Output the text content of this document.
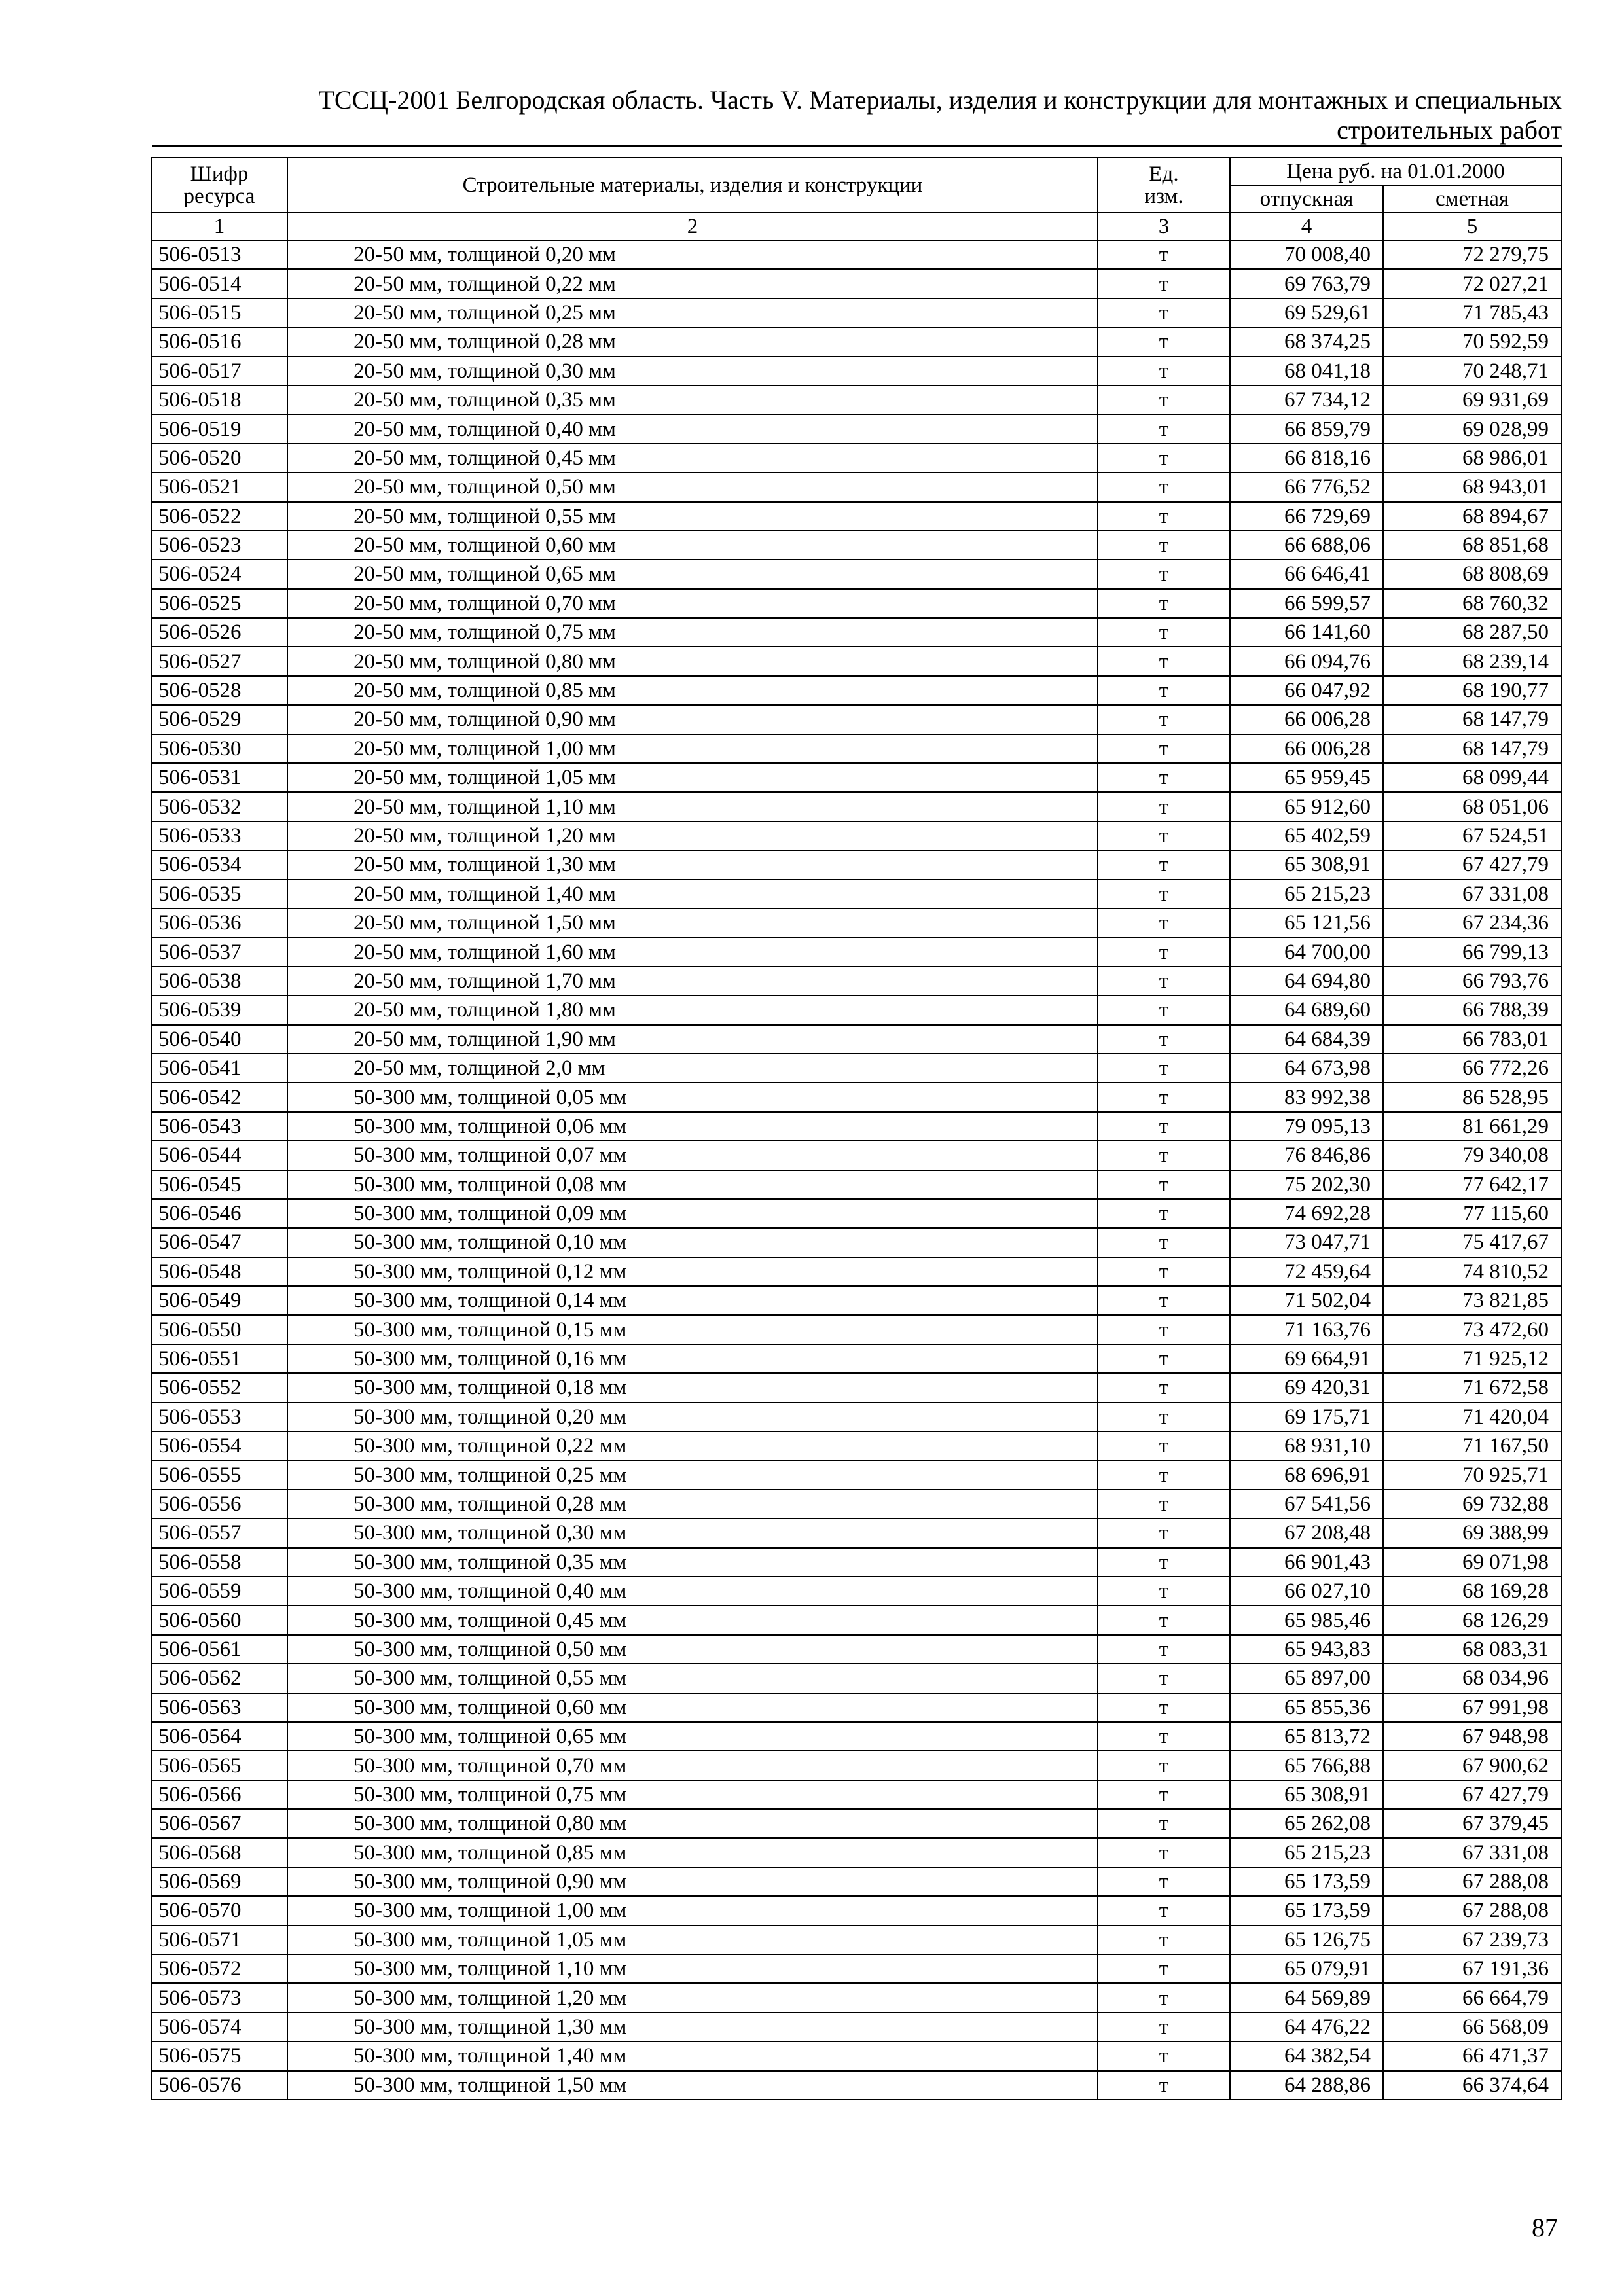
ТССЦ-2001 Белгородская область. Часть V. Материалы, изделия и конструкции для монтажных и специальных
строительных работ
Шифр ресурса	Строительные материалы, изделия и конструкции	Ед. изм.	Цена руб. на 01.01.2000	
			отпускная	сметная
1	2	3	4	5
506-0513	20-50 мм, толщиной 0,20 мм	т	70 008,40	72 279,75
506-0514	20-50 мм, толщиной 0,22 мм	т	69 763,79	72 027,21
506-0515	20-50 мм, толщиной 0,25 мм	т	69 529,61	71 785,43
506-0516	20-50 мм, толщиной 0,28 мм	т	68 374,25	70 592,59
506-0517	20-50 мм, толщиной 0,30 мм	т	68 041,18	70 248,71
506-0518	20-50 мм, толщиной 0,35 мм	т	67 734,12	69 931,69
506-0519	20-50 мм, толщиной 0,40 мм	т	66 859,79	69 028,99
506-0520	20-50 мм, толщиной 0,45 мм	т	66 818,16	68 986,01
506-0521	20-50 мм, толщиной 0,50 мм	т	66 776,52	68 943,01
506-0522	20-50 мм, толщиной 0,55 мм	т	66 729,69	68 894,67
506-0523	20-50 мм, толщиной 0,60 мм	т	66 688,06	68 851,68
506-0524	20-50 мм, толщиной 0,65 мм	т	66 646,41	68 808,69
506-0525	20-50 мм, толщиной 0,70 мм	т	66 599,57	68 760,32
506-0526	20-50 мм, толщиной 0,75 мм	т	66 141,60	68 287,50
506-0527	20-50 мм, толщиной 0,80 мм	т	66 094,76	68 239,14
506-0528	20-50 мм, толщиной 0,85 мм	т	66 047,92	68 190,77
506-0529	20-50 мм, толщиной 0,90 мм	т	66 006,28	68 147,79
506-0530	20-50 мм, толщиной 1,00 мм	т	66 006,28	68 147,79
506-0531	20-50 мм, толщиной 1,05 мм	т	65 959,45	68 099,44
506-0532	20-50 мм, толщиной 1,10 мм	т	65 912,60	68 051,06
506-0533	20-50 мм, толщиной 1,20 мм	т	65 402,59	67 524,51
506-0534	20-50 мм, толщиной 1,30 мм	т	65 308,91	67 427,79
506-0535	20-50 мм, толщиной 1,40 мм	т	65 215,23	67 331,08
506-0536	20-50 мм, толщиной 1,50 мм	т	65 121,56	67 234,36
506-0537	20-50 мм, толщиной 1,60 мм	т	64 700,00	66 799,13
506-0538	20-50 мм, толщиной 1,70 мм	т	64 694,80	66 793,76
506-0539	20-50 мм, толщиной 1,80 мм	т	64 689,60	66 788,39
506-0540	20-50 мм, толщиной 1,90 мм	т	64 684,39	66 783,01
506-0541	20-50 мм, толщиной 2,0 мм	т	64 673,98	66 772,26
506-0542	50-300 мм, толщиной 0,05 мм	т	83 992,38	86 528,95
506-0543	50-300 мм, толщиной 0,06 мм	т	79 095,13	81 661,29
506-0544	50-300 мм, толщиной 0,07 мм	т	76 846,86	79 340,08
506-0545	50-300 мм, толщиной 0,08 мм	т	75 202,30	77 642,17
506-0546	50-300 мм, толщиной 0,09 мм	т	74 692,28	77 115,60
506-0547	50-300 мм, толщиной 0,10 мм	т	73 047,71	75 417,67
506-0548	50-300 мм, толщиной 0,12 мм	т	72 459,64	74 810,52
506-0549	50-300 мм, толщиной 0,14 мм	т	71 502,04	73 821,85
506-0550	50-300 мм, толщиной 0,15 мм	т	71 163,76	73 472,60
506-0551	50-300 мм, толщиной 0,16 мм	т	69 664,91	71 925,12
506-0552	50-300 мм, толщиной 0,18 мм	т	69 420,31	71 672,58
506-0553	50-300 мм, толщиной 0,20 мм	т	69 175,71	71 420,04
506-0554	50-300 мм, толщиной 0,22 мм	т	68 931,10	71 167,50
506-0555	50-300 мм, толщиной 0,25 мм	т	68 696,91	70 925,71
506-0556	50-300 мм, толщиной 0,28 мм	т	67 541,56	69 732,88
506-0557	50-300 мм, толщиной 0,30 мм	т	67 208,48	69 388,99
506-0558	50-300 мм, толщиной 0,35 мм	т	66 901,43	69 071,98
506-0559	50-300 мм, толщиной 0,40 мм	т	66 027,10	68 169,28
506-0560	50-300 мм, толщиной 0,45 мм	т	65 985,46	68 126,29
506-0561	50-300 мм, толщиной 0,50 мм	т	65 943,83	68 083,31
506-0562	50-300 мм, толщиной 0,55 мм	т	65 897,00	68 034,96
506-0563	50-300 мм, толщиной 0,60 мм	т	65 855,36	67 991,98
506-0564	50-300 мм, толщиной 0,65 мм	т	65 813,72	67 948,98
506-0565	50-300 мм, толщиной 0,70 мм	т	65 766,88	67 900,62
506-0566	50-300 мм, толщиной 0,75 мм	т	65 308,91	67 427,79
506-0567	50-300 мм, толщиной 0,80 мм	т	65 262,08	67 379,45
506-0568	50-300 мм, толщиной 0,85 мм	т	65 215,23	67 331,08
506-0569	50-300 мм, толщиной 0,90 мм	т	65 173,59	67 288,08
506-0570	50-300 мм, толщиной 1,00 мм	т	65 173,59	67 288,08
506-0571	50-300 мм, толщиной 1,05 мм	т	65 126,75	67 239,73
506-0572	50-300 мм, толщиной 1,10 мм	т	65 079,91	67 191,36
506-0573	50-300 мм, толщиной 1,20 мм	т	64 569,89	66 664,79
506-0574	50-300 мм, толщиной 1,30 мм	т	64 476,22	66 568,09
506-0575	50-300 мм, толщиной 1,40 мм	т	64 382,54	66 471,37
506-0576	50-300 мм, толщиной 1,50 мм	т	64 288,86	66 374,64
87
